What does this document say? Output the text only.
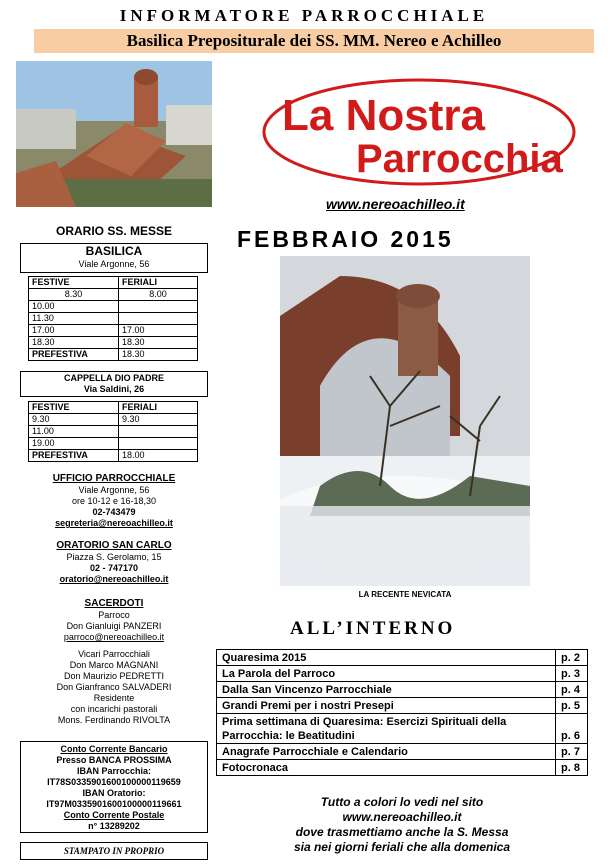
INFORMATORE PARROCCHIALE
Basilica Prepositurale dei SS. MM. Nereo e Achilleo
La Nostra
Parrocchia
www.nereoachilleo.it
FEBBRAIO 2015
LA RECENTE NEVICATA
ORARIO SS. MESSE
BASILICA
Viale Argonne, 56
FESTIVE	FERIALI
8.30	8.00
10.00	
11.30	
17.00	17.00
18.30	18.30
PREFESTIVA	18.30
CAPPELLA DIO PADRE
Via Saldini, 26
FESTIVE	FERIALI
9.30	9.30
11.00	
19.00	
PREFESTIVA	18.00
UFFICIO PARROCCHIALE
Viale Argonne, 56
ore 10-12 e 16-18,30
02-743479
segreteria@nereoachilleo.it
ORATORIO SAN CARLO
Piazza S. Gerolamo, 15
02 - 747170
oratorio@nereoachilleo.it
SACERDOTI
Parroco
Don Gianluigi PANZERI
parroco@nereoachilleo.it
Vicari Parrocchiali
Don Marco MAGNANI
Don Maurizio PEDRETTI
Don Gianfranco SALVADERI
Residente
con incarichi pastorali
Mons. Ferdinando RIVOLTA
Conto Corrente Bancario
Presso BANCA PROSSIMA
IBAN Parrocchia:
IT78S0335901600100000119659
IBAN Oratorio:
IT97M0335901600100000119661
Conto Corrente Postale
n° 13289202
STAMPATO IN PROPRIO
ALL’INTERNO
Quaresima 2015	p. 2
La Parola del Parroco	p. 3
Dalla San Vincenzo Parrocchiale	p. 4
Grandi Premi per i nostri Presepi	p. 5
Prima settimana di Quaresima: Esercizi Spirituali della Parrocchia: le Beatitudini	p. 6
Anagrafe Parrocchiale e Calendario	p. 7
Fotocronaca	p. 8
Tutto a colori lo vedi nel sito
www.nereoachilleo.it
dove trasmettiamo anche la S. Messa
sia nei giorni feriali che alla domenica
